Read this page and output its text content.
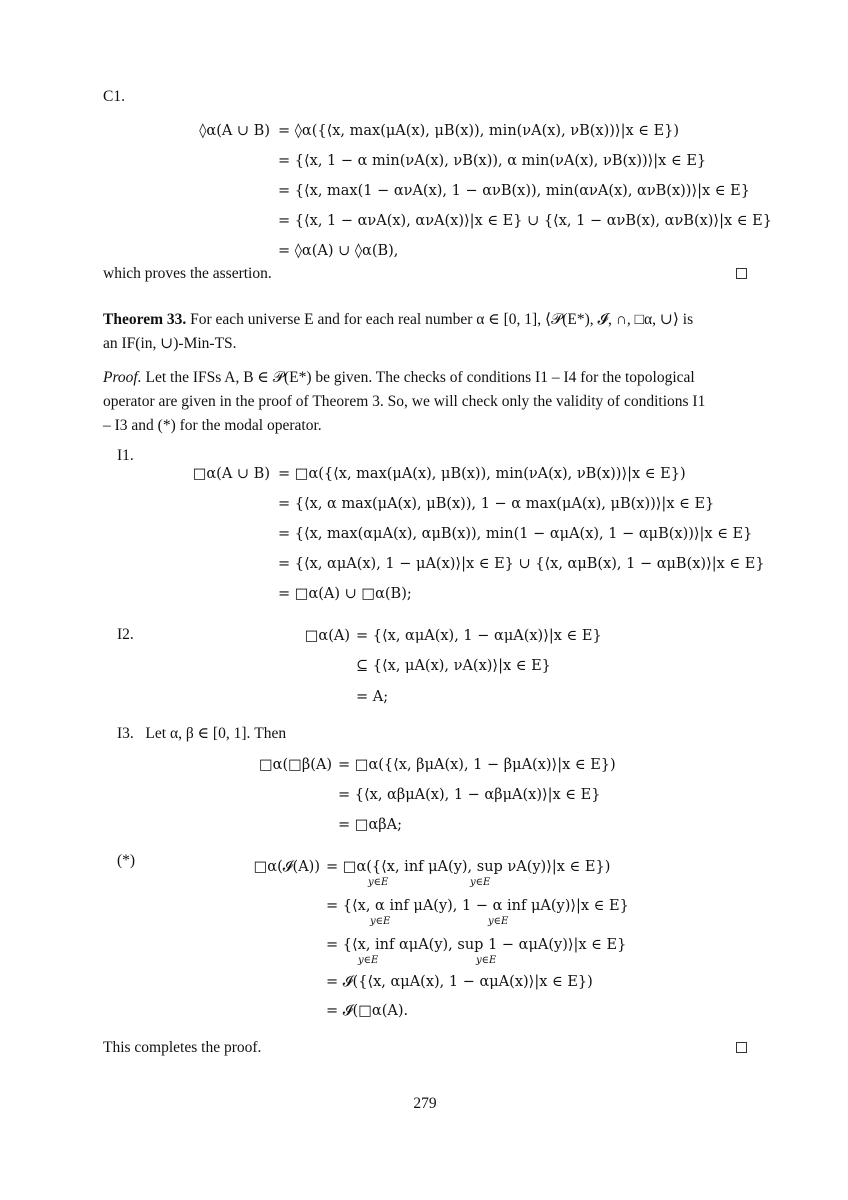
C1.
◊α(A ∪ B) = ◊α({⟨x, max(μA(x), μB(x)), min(νA(x), νB(x))⟩|x ∈ E})
= {⟨x, 1 − α min(νA(x), νB(x)), α min(νA(x), νB(x))⟩|x ∈ E}
= {⟨x, max(1 − ανA(x), 1 − ανB(x)), min(ανA(x), ανB(x))⟩|x ∈ E}
= {⟨x, 1 − ανA(x), ανA(x)⟩|x ∈ E} ∪ {⟨x, 1 − ανB(x), ανB(x)⟩|x ∈ E}
= ◊α(A) ∪ ◊α(B),
which proves the assertion.
Theorem 33. For each universe E and for each real number α ∈ [0, 1], ⟨𝒫(E*), 𝓘, ∩, □α, ∪⟩ is
an IF(in, ∪)-Min-TS.
Proof. Let the IFSs A, B ∈ 𝒫(E*) be given. The checks of conditions I1 – I4 for the topological
operator are given in the proof of Theorem 3. So, we will check only the validity of conditions I1
– I3 and (*) for the modal operator.
I1.
□α(A ∪ B) = □α({⟨x, max(μA(x), μB(x)), min(νA(x), νB(x))⟩|x ∈ E})
= {⟨x, α max(μA(x), μB(x)), 1 − α max(μA(x), μB(x))⟩|x ∈ E}
= {⟨x, max(αμA(x), αμB(x)), min(1 − αμA(x), 1 − αμB(x))⟩|x ∈ E}
= {⟨x, αμA(x), 1 − μA(x)⟩|x ∈ E} ∪ {⟨x, αμB(x), 1 − αμB(x)⟩|x ∈ E}
= □α(A) ∪ □α(B);
I2.	□α(A) = {⟨x, αμA(x), 1 − αμA(x)⟩|x ∈ E}
⊆ {⟨x, μA(x), νA(x)⟩|x ∈ E}
= A;
I3. Let α, β ∈ [0, 1]. Then
□α(□β(A) = □α({⟨x, βμA(x), 1 − βμA(x)⟩|x ∈ E})
= {⟨x, αβμA(x), 1 − αβμA(x)⟩|x ∈ E}
= □αβA;
(*)	□α(𝓘(A)) = □α({⟨x, inf μA(y), sup νA(y)⟩|x ∈ E})
= {⟨x, α inf μA(y), 1 − α inf μA(y)⟩|x ∈ E}
= {⟨x, inf αμA(y), sup 1 − αμA(y)⟩|x ∈ E}
= 𝓘({⟨x, αμA(x), 1 − αμA(x)⟩|x ∈ E})
= 𝓘(□α(A).
y∈E	y∈E
y∈E	y∈E
y∈E	y∈E
This completes the proof.
279
